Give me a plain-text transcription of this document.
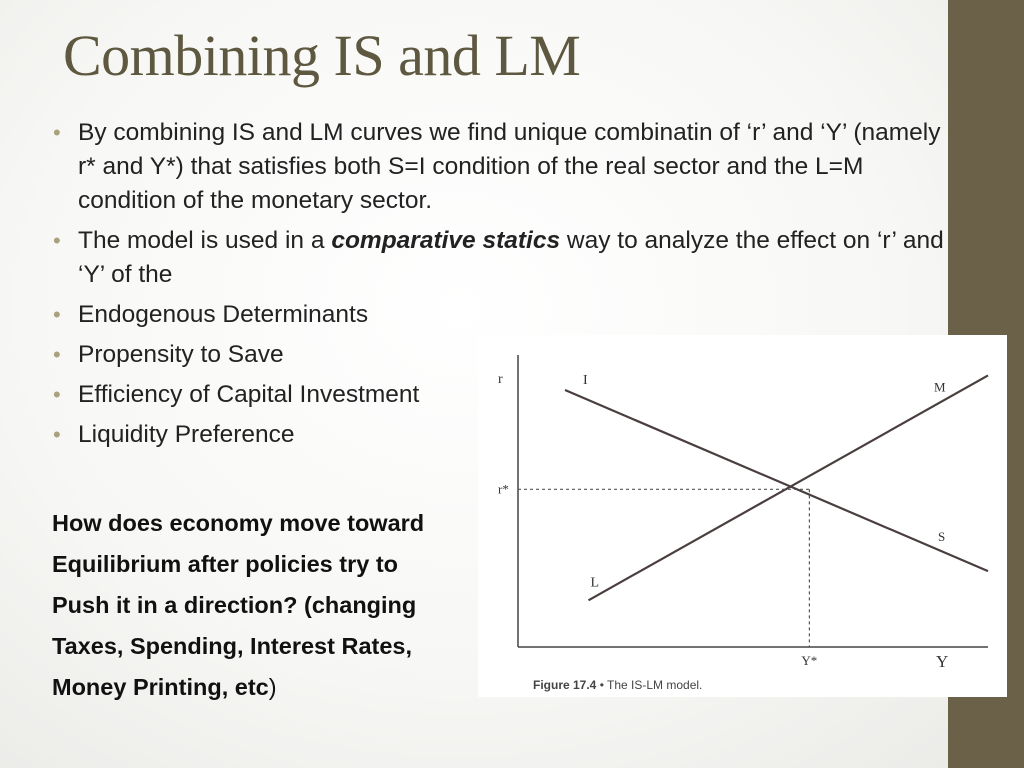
Combining IS and LM
• By combining IS and LM curves we find unique combinatin of ‘r’ and ‘Y’ (namely r* and Y*) that satisfies both S=I condition of the real sector and the L=M condition of the monetary sector.
• The model is used in a comparative statics way to analyze the effect on ‘r’ and ‘Y’ of the
• Endogenous Determinants
• Propensity to Save
• Efficiency of Capital Investment
• Liquidity Preference
How does economy move toward
Equilibrium after policies try to
Push it in a direction? (changing
Taxes, Spending, Interest Rates,
Money Printing, etc)
r
Y
r*
Y*
I
S
L
M
Figure 17.4 • The IS-LM model.
